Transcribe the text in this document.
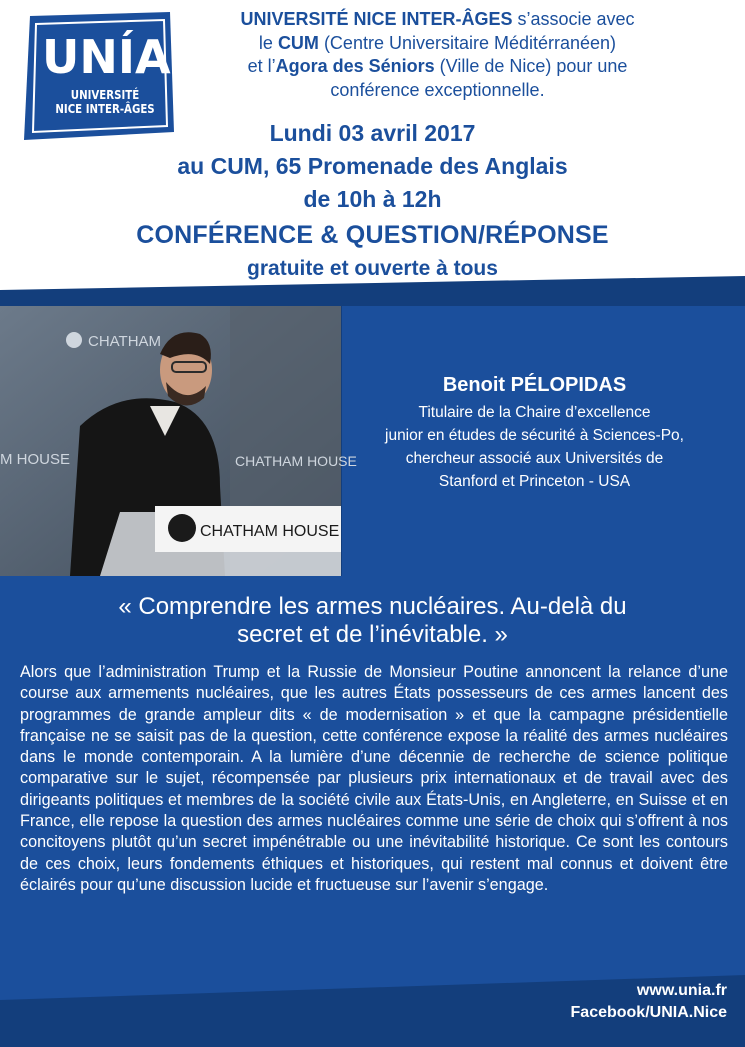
UNÍA
UNIVERSITÉ
NICE INTER-ÂGES
UNIVERSITÉ NICE INTER-ÂGES s’associe avec
le CUM (Centre Universitaire Méditérranéen)
et l’Agora des Séniors (Ville de Nice) pour une
conférence exceptionnelle.
Lundi 03 avril 2017
au CUM, 65 Promenade des Anglais
de 10h à 12h
CONFÉRENCE & QUESTION/RÉPONSE
gratuite et ouverte à tous
CHATHAM
M HOUSE	CHATHAM HOUSE
CHATHAM HOUSE
Benoit PÉLOPIDAS
Titulaire de la Chaire d’excellence
junior en études de sécurité à Sciences-Po,
chercheur associé aux Universités de
Stanford et Princeton - USA
« Comprendre les armes nucléaires. Au-delà du
secret et de l’inévitable. »
Alors que l’administration Trump et la Russie de Monsieur Poutine annoncent la relance d’une course aux armements nucléaires, que les autres États possesseurs de ces armes lancent des programmes de grande ampleur dits « de modernisation » et que la campagne présidentielle française ne se saisit pas de la question, cette conférence expose la réalité des armes nucléaires dans le monde contemporain. A la lumière d’une décennie de recherche de science politique comparative sur le sujet, récompensée par plusieurs prix internationaux et de travail avec des dirigeants politiques et membres de la société civile aux États-Unis, en Angleterre, en Suisse et en France, elle repose la question des armes nucléaires comme une série de choix qui s’offrent à nos concitoyens plutôt qu’un secret impénétrable ou une inévitabilité historique. Ce sont les contours de ces choix, leurs fondements éthiques et historiques, qui restent mal connus et doivent être éclairés pour qu’une discussion lucide et fructueuse sur l’avenir s’engage.
www.unia.fr
Facebook/UNIA.Nice
